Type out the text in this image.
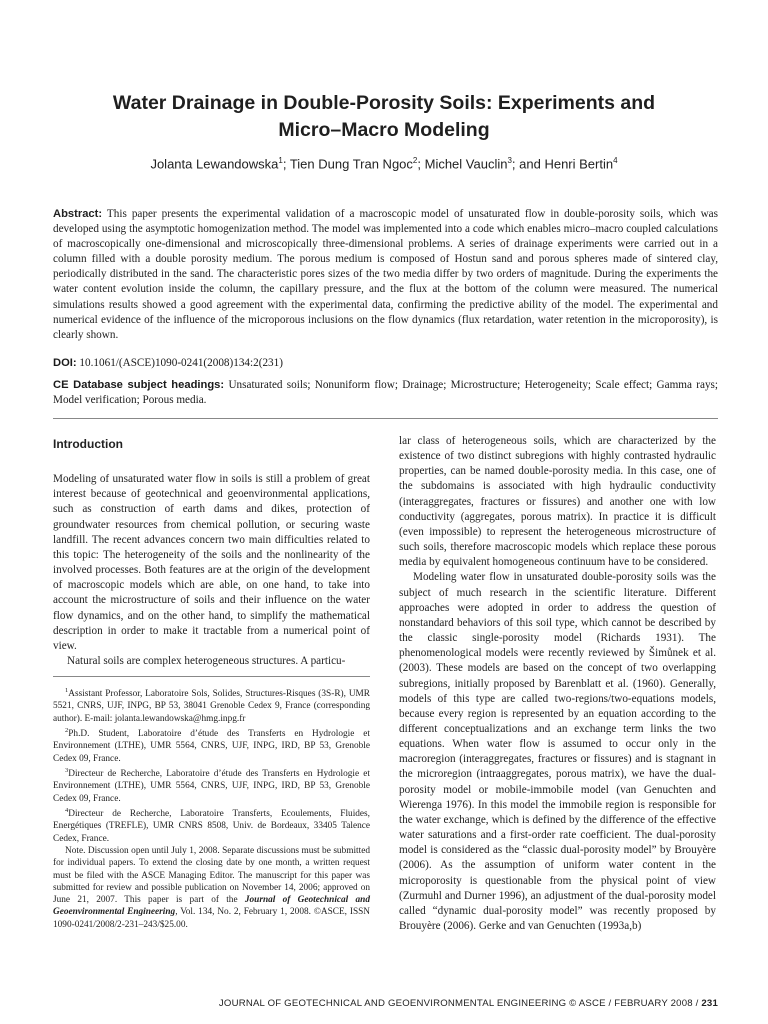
Water Drainage in Double-Porosity Soils: Experiments and
Micro–Macro Modeling
Jolanta Lewandowska$^1$; Tien Dung Tran Ngoc$^2$; Michel Vauclin$^3$; and Henri Bertin$^4$
Abstract: This paper presents the experimental validation of a macroscopic model of unsaturated flow in double-porosity soils, which was developed using the asymptotic homogenization method. The model was implemented into a code which enables micro–macro coupled calculations of macroscopically one-dimensional and microscopically three-dimensional problems. A series of drainage experiments were carried out in a column filled with a double porosity medium. The porous medium is composed of Hostun sand and porous spheres made of sintered clay, periodically distributed in the sand. The characteristic pores sizes of the two media differ by two orders of magnitude. During the experiments the water content evolution inside the column, the capillary pressure, and the flux at the bottom of the column were measured. The numerical simulations results showed a good agreement with the experimental data, confirming the predictive ability of the model. The experimental and numerical evidence of the influence of the microporous inclusions on the flow dynamics (flux retardation, water retention in the microporosity), is clearly shown.
DOI: 10.1061/(ASCE)1090-0241(2008)134:2(231)
CE Database subject headings: Unsaturated soils; Nonuniform flow; Drainage; Microstructure; Heterogeneity; Scale effect; Gamma rays; Model verification; Porous media.
Introduction

Modeling of unsaturated water flow in soils is still a problem of great interest because of geotechnical and geoenvironmental applications, such as construction of earth dams and dikes, protection of groundwater resources from chemical pollution, or securing waste landfill. The recent advances concern two main difficulties related to this topic: The heterogeneity of the soils and the nonlinearity of the involved processes. Both features are at the origin of the development of macroscopic models which are able, on one hand, to take into account the microstructure of soils and their influence on the water flow dynamics, and on the other hand, to simplify the mathematical description in order to make it tractable from a numerical point of view.

Natural soils are complex heterogeneous structures. A particu-

$^1$Assistant Professor, Laboratoire Sols, Solides, Structures-Risques (3S-R), UMR 5521, CNRS, UJF, INPG, BP 53, 38041 Grenoble Cedex 9, France (corresponding author). E-mail: jolanta.lewandowska@hmg.inpg.fr

$^2$Ph.D. Student, Laboratoire d’étude des Transferts en Hydrologie et Environnement (LTHE), UMR 5564, CNRS, UJF, INPG, IRD, BP 53, Grenoble Cedex 09, France.

$^3$Directeur de Recherche, Laboratoire d’étude des Transferts en Hydrologie et Environnement (LTHE), UMR 5564, CNRS, UJF, INPG, IRD, BP 53, Grenoble Cedex 09, France.

$^4$Directeur de Recherche, Laboratoire Transferts, Ecoulements, Fluides, Energétiques (TREFLE), UMR CNRS 8508, Univ. de Bordeaux, 33405 Talence Cedex, France.

Note. Discussion open until July 1, 2008. Separate discussions must be submitted for individual papers. To extend the closing date by one month, a written request must be filed with the ASCE Managing Editor. The manuscript for this paper was submitted for review and possible publication on November 14, 2006; approved on June 21, 2007. This paper is part of the Journal of Geotechnical and Geoenvironmental Engineering, Vol. 134, No. 2, February 1, 2008. ©ASCE, ISSN 1090-0241/2008/2-231–243/$25.00.

lar class of heterogeneous soils, which are characterized by the existence of two distinct subregions with highly contrasted hydraulic properties, can be named double-porosity media. In this case, one of the subdomains is associated with high hydraulic conductivity (interaggregates, fractures or fissures) and another one with low conductivity (aggregates, porous matrix). In practice it is difficult (even impossible) to represent the heterogeneous microstructure of such soils, therefore macroscopic models which replace these porous media by equivalent homogeneous continuum have to be considered.

Modeling water flow in unsaturated double-porosity soils was the subject of much research in the scientific literature. Different approaches were adopted in order to address the question of nonstandard behaviors of this soil type, which cannot be described by the classic single-porosity model (Richards 1931). The phenomenological models were recently reviewed by Šimůnek et al. (2003). These models are based on the concept of two overlapping subregions, initially proposed by Barenblatt et al. (1960). Generally, models of this type are called two-regions/two-equations models, because every region is represented by an equation according to the different conceptualizations and an exchange term links the two equations. When water flow is assumed to occur only in the macroregion (interaggregates, fractures or fissures) and is stagnant in the microregion (intraaggregates, porous matrix), we have the dual-porosity model or mobile-immobile model (van Genuchten and Wierenga 1976). In this model the immobile region is responsible for the water exchange, which is defined by the difference of the effective water saturations and a first-order rate coefficient. The dual-porosity model is considered as the “classic dual-porosity model” by Brouyère (2006). As the assumption of uniform water content in the microporosity is questionable from the physical point of view (Zurmuhl and Durner 1996), an adjustment of the dual-porosity model called “dynamic dual-porosity model” was recently proposed by Brouyère (2006). Gerke and van Genuchten (1993a,b)

JOURNAL OF GEOTECHNICAL AND GEOENVIRONMENTAL ENGINEERING © ASCE / FEBRUARY 2008 / 231
